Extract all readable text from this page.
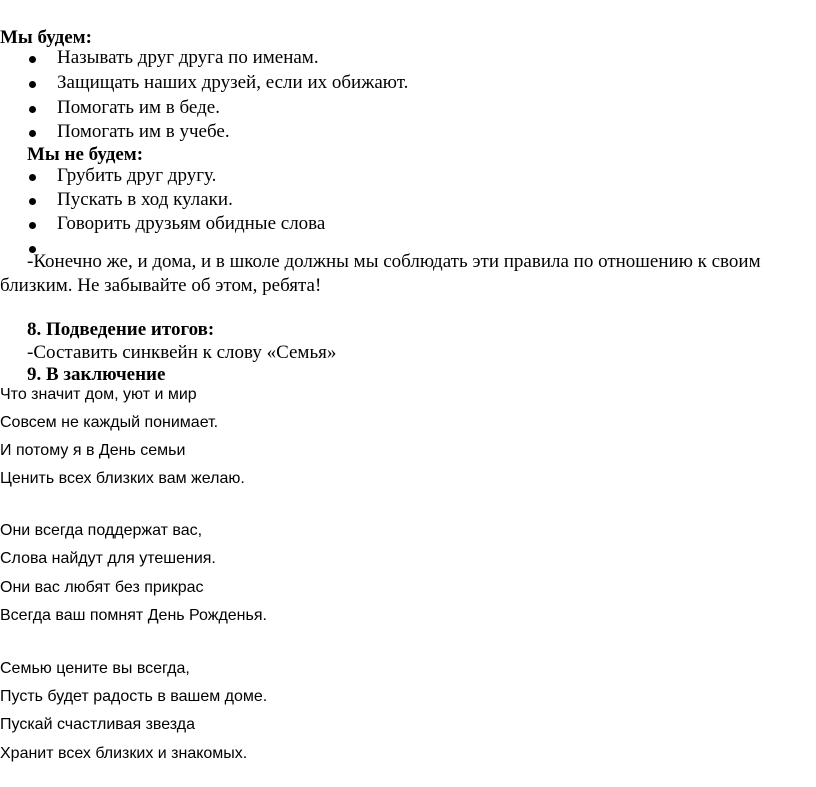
Мы будем:
Называть друг друга по именам.
Защищать наших друзей, если их обижают.
Помогать им в беде.
Помогать им в учебе.
Мы не будем:
Грубить друг другу.
Пускать в ход кулаки.
Говорить друзьям обидные слова
-Конечно же, и дома, и в школе должны мы соблюдать эти правила по отношению к своим
близким. Не забывайте об этом, ребята!
8. Подведение итогов:
-Составить синквейн к слову «Семья»
9. В заключение
Что значит дом, уют и мир
Совсем не каждый понимает.
И потому я в День семьи
Ценить всех близких вам желаю.
Они всегда поддержат вас,
Слова найдут для утешения.
Они вас любят без прикрас
Всегда ваш помнят День Рожденья.
Семью цените вы всегда,
Пусть будет радость в вашем доме.
Пускай счастливая звезда
Хранит всех близких и знакомых.
